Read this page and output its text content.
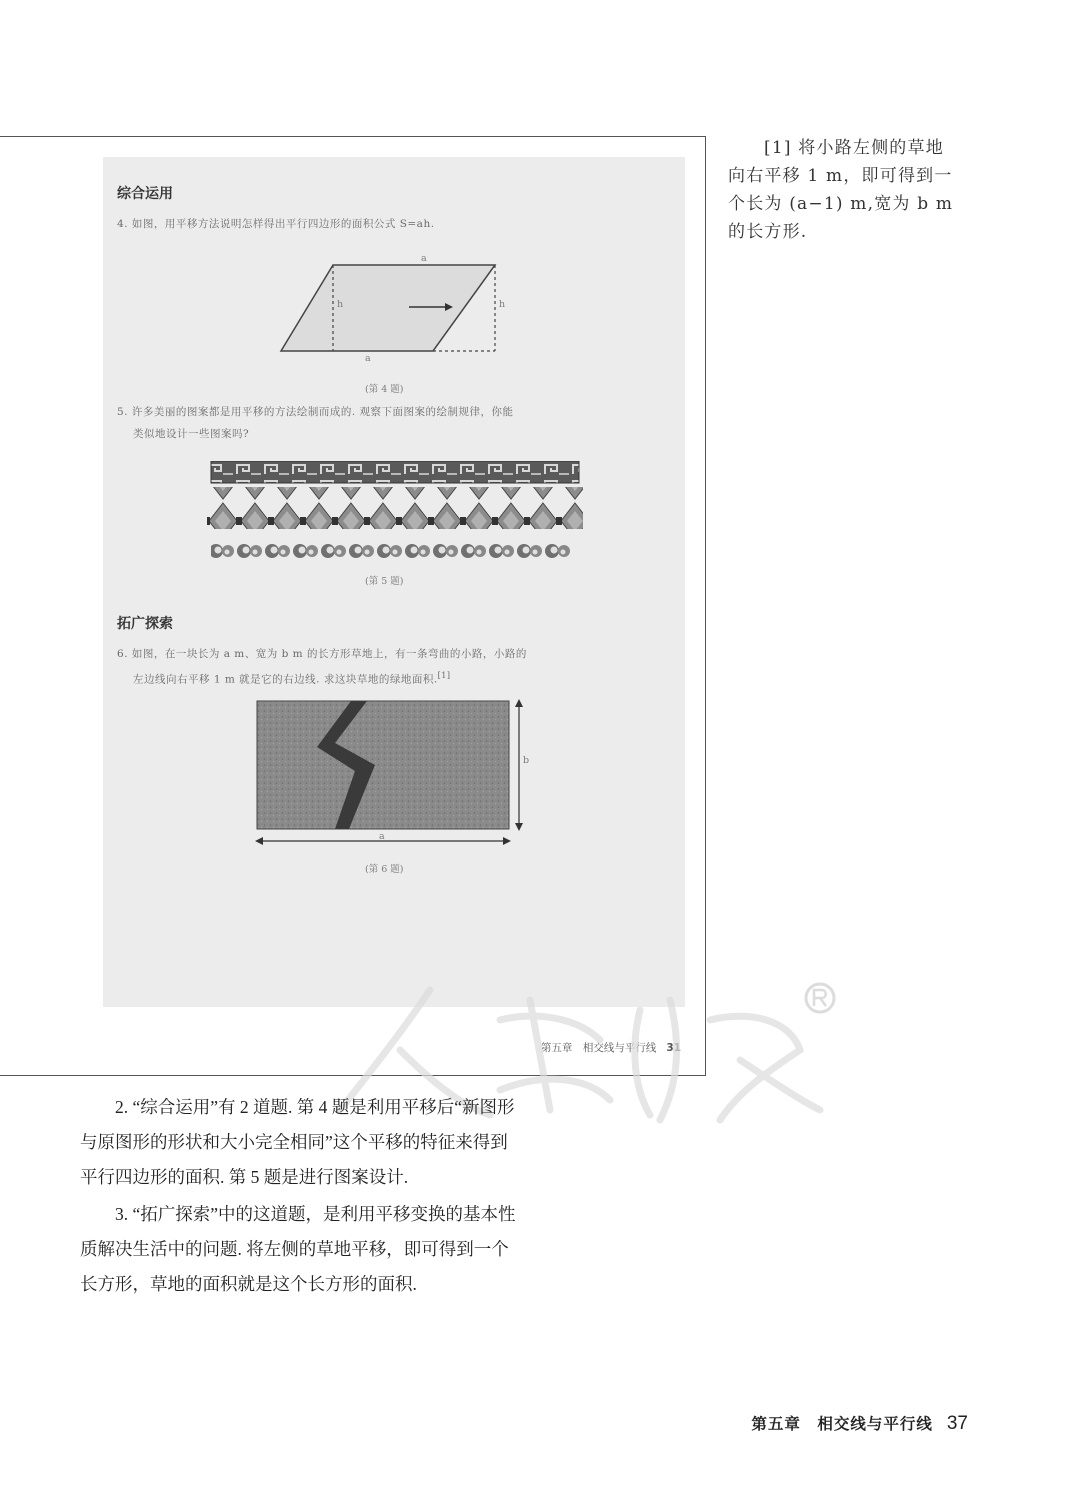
综合运用
4. 如图，用平移方法说明怎样得出平行四边形的面积公式 S=ah.
a
h	h
a
(第 4 题)
5. 许多美丽的图案都是用平移的方法绘制而成的. 观察下面图案的绘制规律，你能
类似地设计一些图案吗?
(第 5 题)
拓广探索
6. 如图，在一块长为 a m、宽为 b m 的长方形草地上，有一条弯曲的小路，小路的
左边线向右平移 1 m 就是它的右边线. 求这块草地的绿地面积.[1]
b
a
(第 6 题)
第五章　相交线与平行线 31

[1] 将小路左侧的草地

向右平移 1 m，即可得到一

个长为 (a−1) m,宽为 b m

的长方形.

2. “综合运用”有 2 道题. 第 4 题是利用平移后“新图形与原图形的形状和大小完全相同”这个平移的特征来得到平行四边形的面积. 第 5 题是进行图案设计.

3. “拓广探索”中的这道题，是利用平移变换的基本性质解决生活中的问题. 将左侧的草地平移，即可得到一个长方形，草地的面积就是这个长方形的面积.

第五章　相交线与平行线 37
